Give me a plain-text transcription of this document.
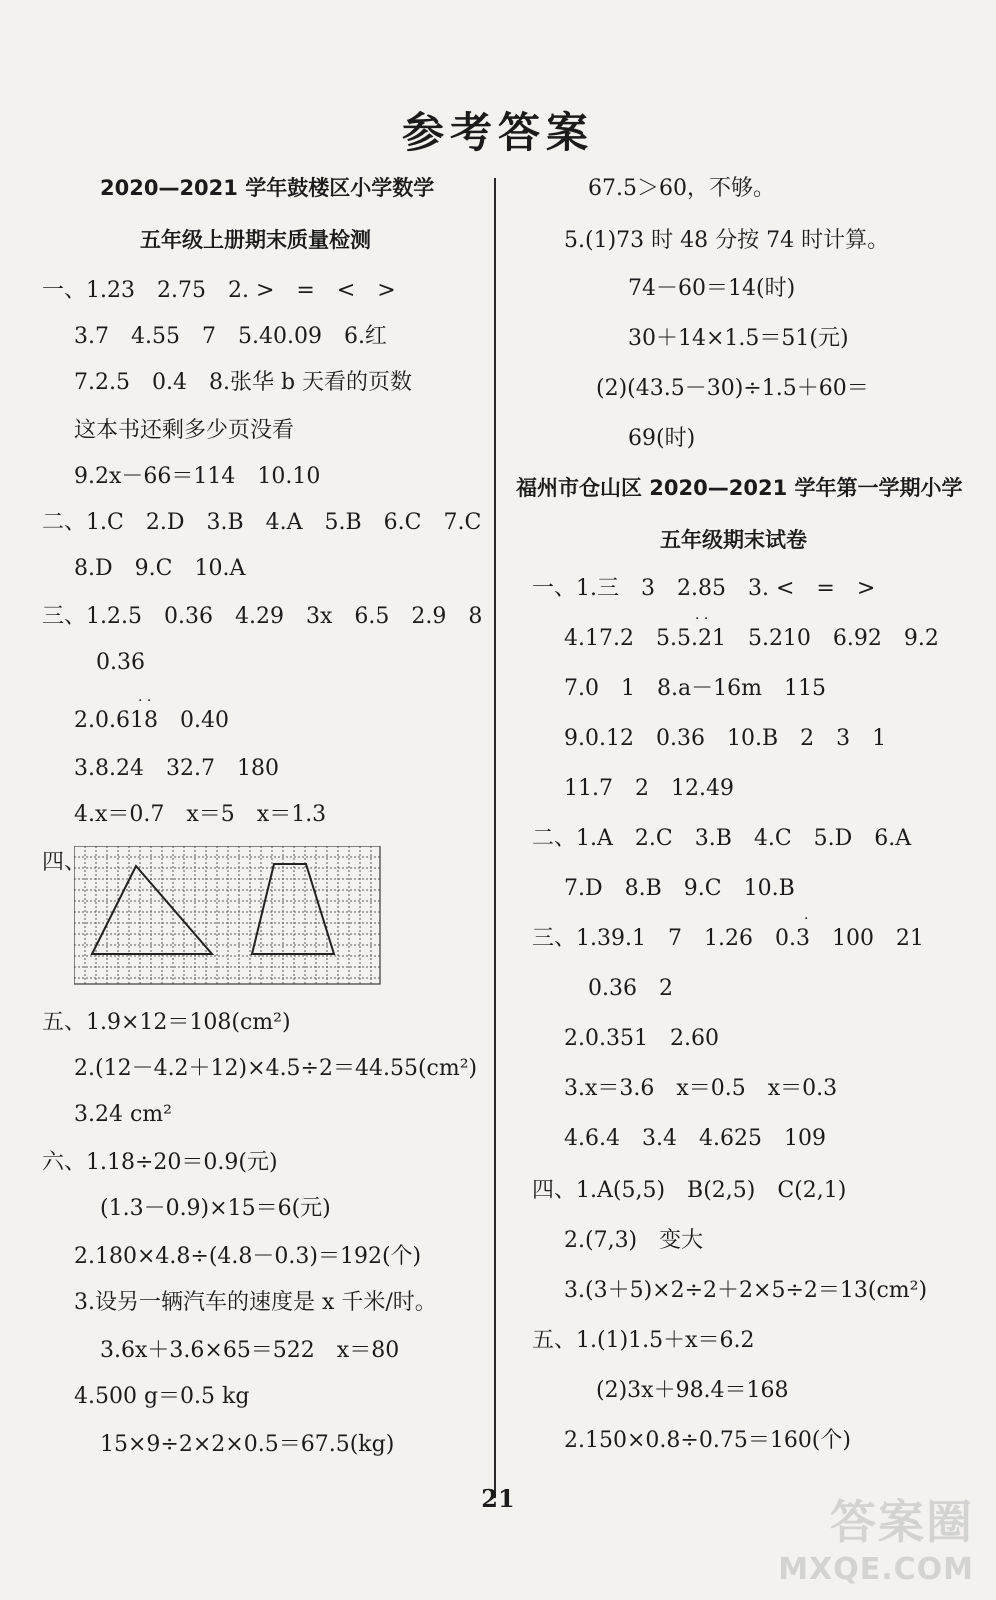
参考答案
2020—2021 学年鼓楼区小学数学
五年级上册期末质量检测
一、1.23　2.75　2. >　=　<　>
3.7　4.55　7　5.40.09　6.红
7.2.5　0.4　8.张华 b 天看的页数
这本书还剩多少页没看
9.2x－66＝114　10.10
二、1.C　2.D　3.B　4.A　5.B　6.C　7.C
8.D　9.C　10.A
三、1.2.5　0.36　4.29　3x　6.5　2.9　8
0.36
· ·
2.0.618　0.40
3.8.24　32.7　180
4.x＝0.7　x＝5　x＝1.3
四、
五、1.9×12＝108(cm²)
2.(12－4.2＋12)×4.5÷2＝44.55(cm²)
3.24 cm²
六、1.18÷20＝0.9(元)
(1.3－0.9)×15＝6(元)
2.180×4.8÷(4.8－0.3)＝192(个)
3.设另一辆汽车的速度是 x 千米/时。
3.6x＋3.6×65＝522　x＝80
4.500 g＝0.5 kg
15×9÷2×2×0.5＝67.5(kg)
67.5＞60，不够。
5.(1)73 时 48 分按 74 时计算。
74－60＝14(时)
30＋14×1.5＝51(元)
(2)(43.5－30)÷1.5＋60＝
69(时)
福州市仓山区 2020—2021 学年第一学期小学
五年级期末试卷
一、1.三　3　2.85　3. <　=　>
· ·
4.17.2　5.5.21　5.210　6.92　9.2
7.0　1　8.a－16m　115
9.0.12　0.36　10.B　2　3　1
11.7　2　12.49
二、1.A　2.C　3.B　4.C　5.D　6.A
7.D　8.B　9.C　10.B
·
三、1.39.1　7　1.26　0.3　100　21
0.36　2
2.0.351　2.60
3.x＝3.6　x＝0.5　x＝0.3
4.6.4　3.4　4.625　109
四、1.A(5,5)　B(2,5)　C(2,1)
2.(7,3)　变大
3.(3＋5)×2÷2＋2×5÷2＝13(cm²)
五、1.(1)1.5＋x＝6.2
(2)3x＋98.4＝168
2.150×0.8÷0.75＝160(个)
21	答案圈
MXQE.COM
